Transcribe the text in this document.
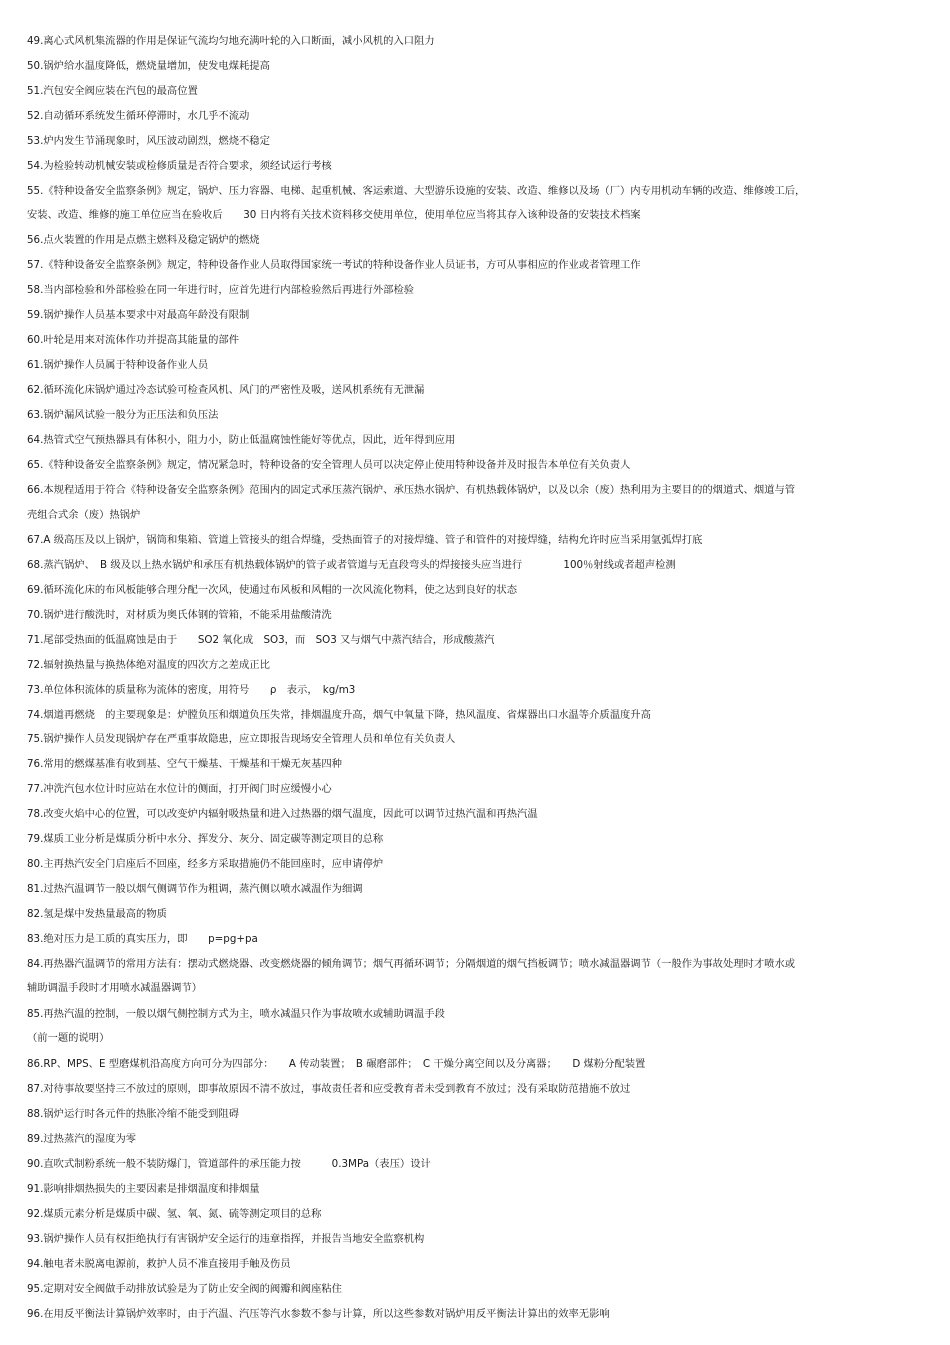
49.离心式风机集流器的作用是保证气流均匀地充满叶轮的入口断面，减小风机的入口阻力
50.锅炉给水温度降低，燃烧量增加，使发电煤耗提高
51.汽包安全阀应装在汽包的最高位置
52.自动循环系统发生循环停滞时，水几乎不流动
53.炉内发生节涌现象时，风压波动剧烈，燃烧不稳定
54.为检验转动机械安装或检修质量是否符合要求，须经试运行考核
55.《特种设备安全监察条例》规定，锅炉、压力容器、电梯、起重机械、客运索道、大型游乐设施的安装、改造、维修以及场（厂）内专用机动车辆的改造、维修竣工后，
安装、改造、维修的施工单位应当在验收后　　30 日内将有关技术资料移交使用单位，使用单位应当将其存入该种设备的安装技术档案
56.点火装置的作用是点燃主燃料及稳定锅炉的燃烧
57.《特种设备安全监察条例》规定，特种设备作业人员取得国家统一考试的特种设备作业人员证书，方可从事相应的作业或者管理工作
58.当内部检验和外部检验在同一年进行时，应首先进行内部检验然后再进行外部检验
59.锅炉操作人员基本要求中对最高年龄没有限制
60.叶轮是用来对流体作功并提高其能量的部件
61.锅炉操作人员属于特种设备作业人员
62.循环流化床锅炉通过冷态试验可检查风机、风门的严密性及吸，送风机系统有无泄漏
63.锅炉漏风试验一般分为正压法和负压法
64.热管式空气预热器具有体积小，阻力小，防止低温腐蚀性能好等优点，因此，近年得到应用
65.《特种设备安全监察条例》规定，情况紧急时，特种设备的安全管理人员可以决定停止使用特种设备并及时报告本单位有关负责人
66.本规程适用于符合《特种设备安全监察条例》范围内的固定式承压蒸汽锅炉、承压热水锅炉、有机热载体锅炉，以及以余（废）热利用为主要目的的烟道式、烟道与管
壳组合式余（废）热锅炉
67.A 级高压及以上锅炉，锅筒和集箱、管道上管接头的组合焊缝，受热面管子的对接焊缝、管子和管件的对接焊缝，结构允许时应当采用氩弧焊打底
68.蒸汽锅炉、　B 级及以上热水锅炉和承压有机热载体锅炉的管子或者管道与无直段弯头的焊接接头应当进行　　　　100％射线或者超声检测
69.循环流化床的布风板能够合理分配一次风，使通过布风板和风帽的一次风流化物料，使之达到良好的状态
70.锅炉进行酸洗时，对材质为奥氏体钢的管箱，不能采用盐酸清洗
71.尾部受热面的低温腐蚀是由于　　SO2 氧化成　SO3，而　SO3 又与烟气中蒸汽结合，形成酸蒸汽
72.辐射换热量与换热体绝对温度的四次方之差成正比
73.单位体积流体的质量称为流体的密度，用符号　　ρ　表示，　kg/m3
74.烟道再燃烧　的主要现象是：炉膛负压和烟道负压失常，排烟温度升高，烟气中氧量下降，热风温度、省煤器出口水温等介质温度升高
75.锅炉操作人员发现锅炉存在严重事故隐患，应立即报告现场安全管理人员和单位有关负责人
76.常用的燃煤基准有收到基、空气干燥基、干燥基和干燥无灰基四种
77.冲洗汽包水位计时应站在水位计的侧面，打开阀门时应缓慢小心
78.改变火焰中心的位置，可以改变炉内辐射吸热量和进入过热器的烟气温度，因此可以调节过热汽温和再热汽温
79.煤质工业分析是煤质分析中水分、挥发分、灰分、固定碳等测定项目的总称
80.主再热汽安全门启座后不回座，经多方采取措施仍不能回座时，应申请停炉
81.过热汽温调节一般以烟气侧调节作为粗调，蒸汽侧以喷水减温作为细调
82.氢是煤中发热量最高的物质
83.绝对压力是工质的真实压力，即　　p=pg+pa
84.再热器汽温调节的常用方法有：摆动式燃烧器、改变燃烧器的倾角调节；烟气再循环调节；分隔烟道的烟气挡板调节；喷水减温器调节（一般作为事故处理时才喷水或
辅助调温手段时才用喷水减温器调节）
85.再热汽温的控制，一般以烟气侧控制方式为主，喷水减温只作为事故喷水或辅助调温手段
（前一题的说明）
86.RP、MPS、E 型磨煤机沿高度方向可分为四部分：　　A 传动装置；　B 碾磨部件；　C 干燥分离空间以及分离器；　　D 煤粉分配装置
87.对待事故要坚持三不放过的原则，即事故原因不清不放过，事故责任者和应受教育者未受到教育不放过；没有采取防范措施不放过
88.锅炉运行时各元件的热胀冷缩不能受到阻碍
89.过热蒸汽的湿度为零
90.直吹式制粉系统一般不装防爆门，管道部件的承压能力按　　　0.3MPa（表压）设计
91.影响排烟热损失的主要因素是排烟温度和排烟量
92.煤质元素分析是煤质中碳、氢、氧、氮、硫等测定项目的总称
93.锅炉操作人员有权拒绝执行有害锅炉安全运行的违章指挥，并报告当地安全监察机构
94.触电者未脱离电源前，救护人员不准直接用手触及伤员
95.定期对安全阀做手动排放试验是为了防止安全阀的阀瓣和阀座粘住
96.在用反平衡法计算锅炉效率时，由于汽温、汽压等汽水参数不参与计算，所以这些参数对锅炉用反平衡法计算出的效率无影响
